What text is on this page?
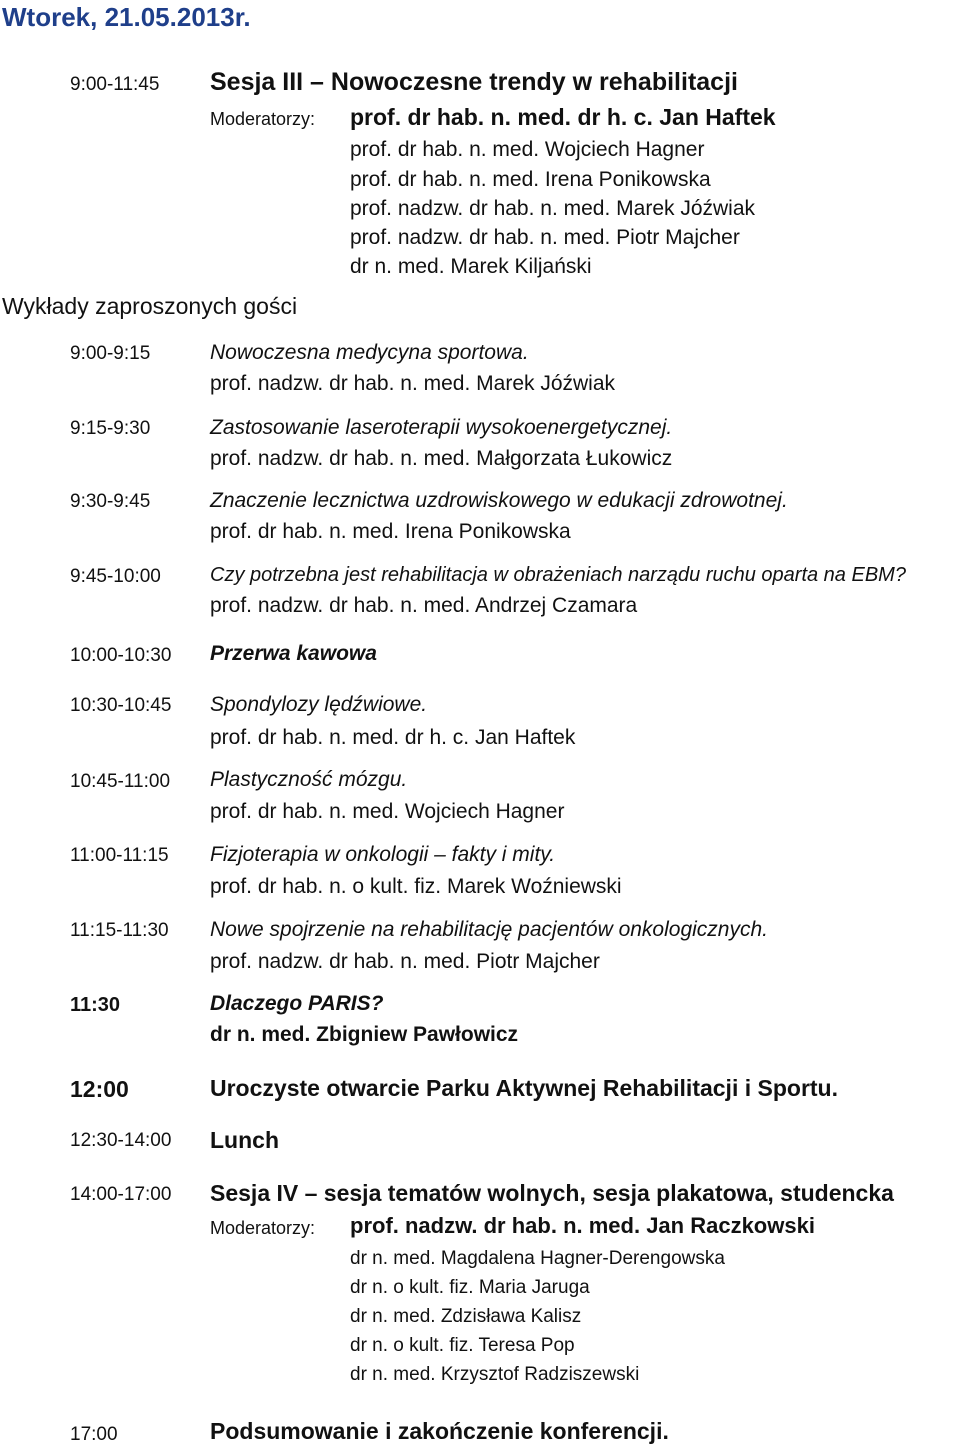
Wtorek, 21.05.2013r.
9:00-11:45 Sesja III – Nowoczesne trendy w rehabilitacji
Moderatorzy: prof. dr hab. n. med. dr h. c. Jan Haftek
prof. dr hab. n. med. Wojciech Hagner
prof. dr hab. n. med. Irena Ponikowska
prof. nadzw. dr hab. n. med. Marek Jóźwiak
prof. nadzw. dr hab. n. med. Piotr Majcher
dr n. med. Marek Kiljański
Wykłady zaproszonych gości
9:00-9:15	Nowoczesna medycyna sportowa.
prof. nadzw. dr hab. n. med. Marek Jóźwiak
9:15-9:30	Zastosowanie laseroterapii wysokoenergetycznej.
prof. nadzw. dr hab. n. med. Małgorzata Łukowicz
9:30-9:45	Znaczenie lecznictwa uzdrowiskowego w edukacji zdrowotnej.
prof. dr hab. n. med. Irena Ponikowska
9:45-10:00 Czy potrzebna jest rehabilitacja w obrażeniach narządu ruchu oparta na EBM?
prof. nadzw. dr hab. n. med. Andrzej Czamara
10:00-10:30 Przerwa kawowa
10:30-10:45 Spondylozy lędźwiowe.
prof. dr hab. n. med. dr h. c. Jan Haftek
10:45-11:00 Plastyczność mózgu.
prof. dr hab. n. med. Wojciech Hagner
11:00-11:15 Fizjoterapia w onkologii – fakty i mity.
prof. dr hab. n. o kult. fiz. Marek Woźniewski
11:15-11:30 Nowe spojrzenie na rehabilitację pacjentów onkologicznych.
prof. nadzw. dr hab. n. med. Piotr Majcher
11:30	Dlaczego PARIS?
dr n. med. Zbigniew Pawłowicz
12:00	Uroczyste otwarcie Parku Aktywnej Rehabilitacji i Sportu.
12:30-14:00 Lunch
14:00-17:00 Sesja IV – sesja tematów wolnych, sesja plakatowa, studencka
Moderatorzy: prof. nadzw. dr hab. n. med. Jan Raczkowski
dr n. med. Magdalena Hagner-Derengowska
dr n. o kult. fiz. Maria Jaruga
dr n. med. Zdzisława Kalisz
dr n. o kult. fiz. Teresa Pop
dr n. med. Krzysztof Radziszewski
17:00	Podsumowanie i zakończenie konferencji.
